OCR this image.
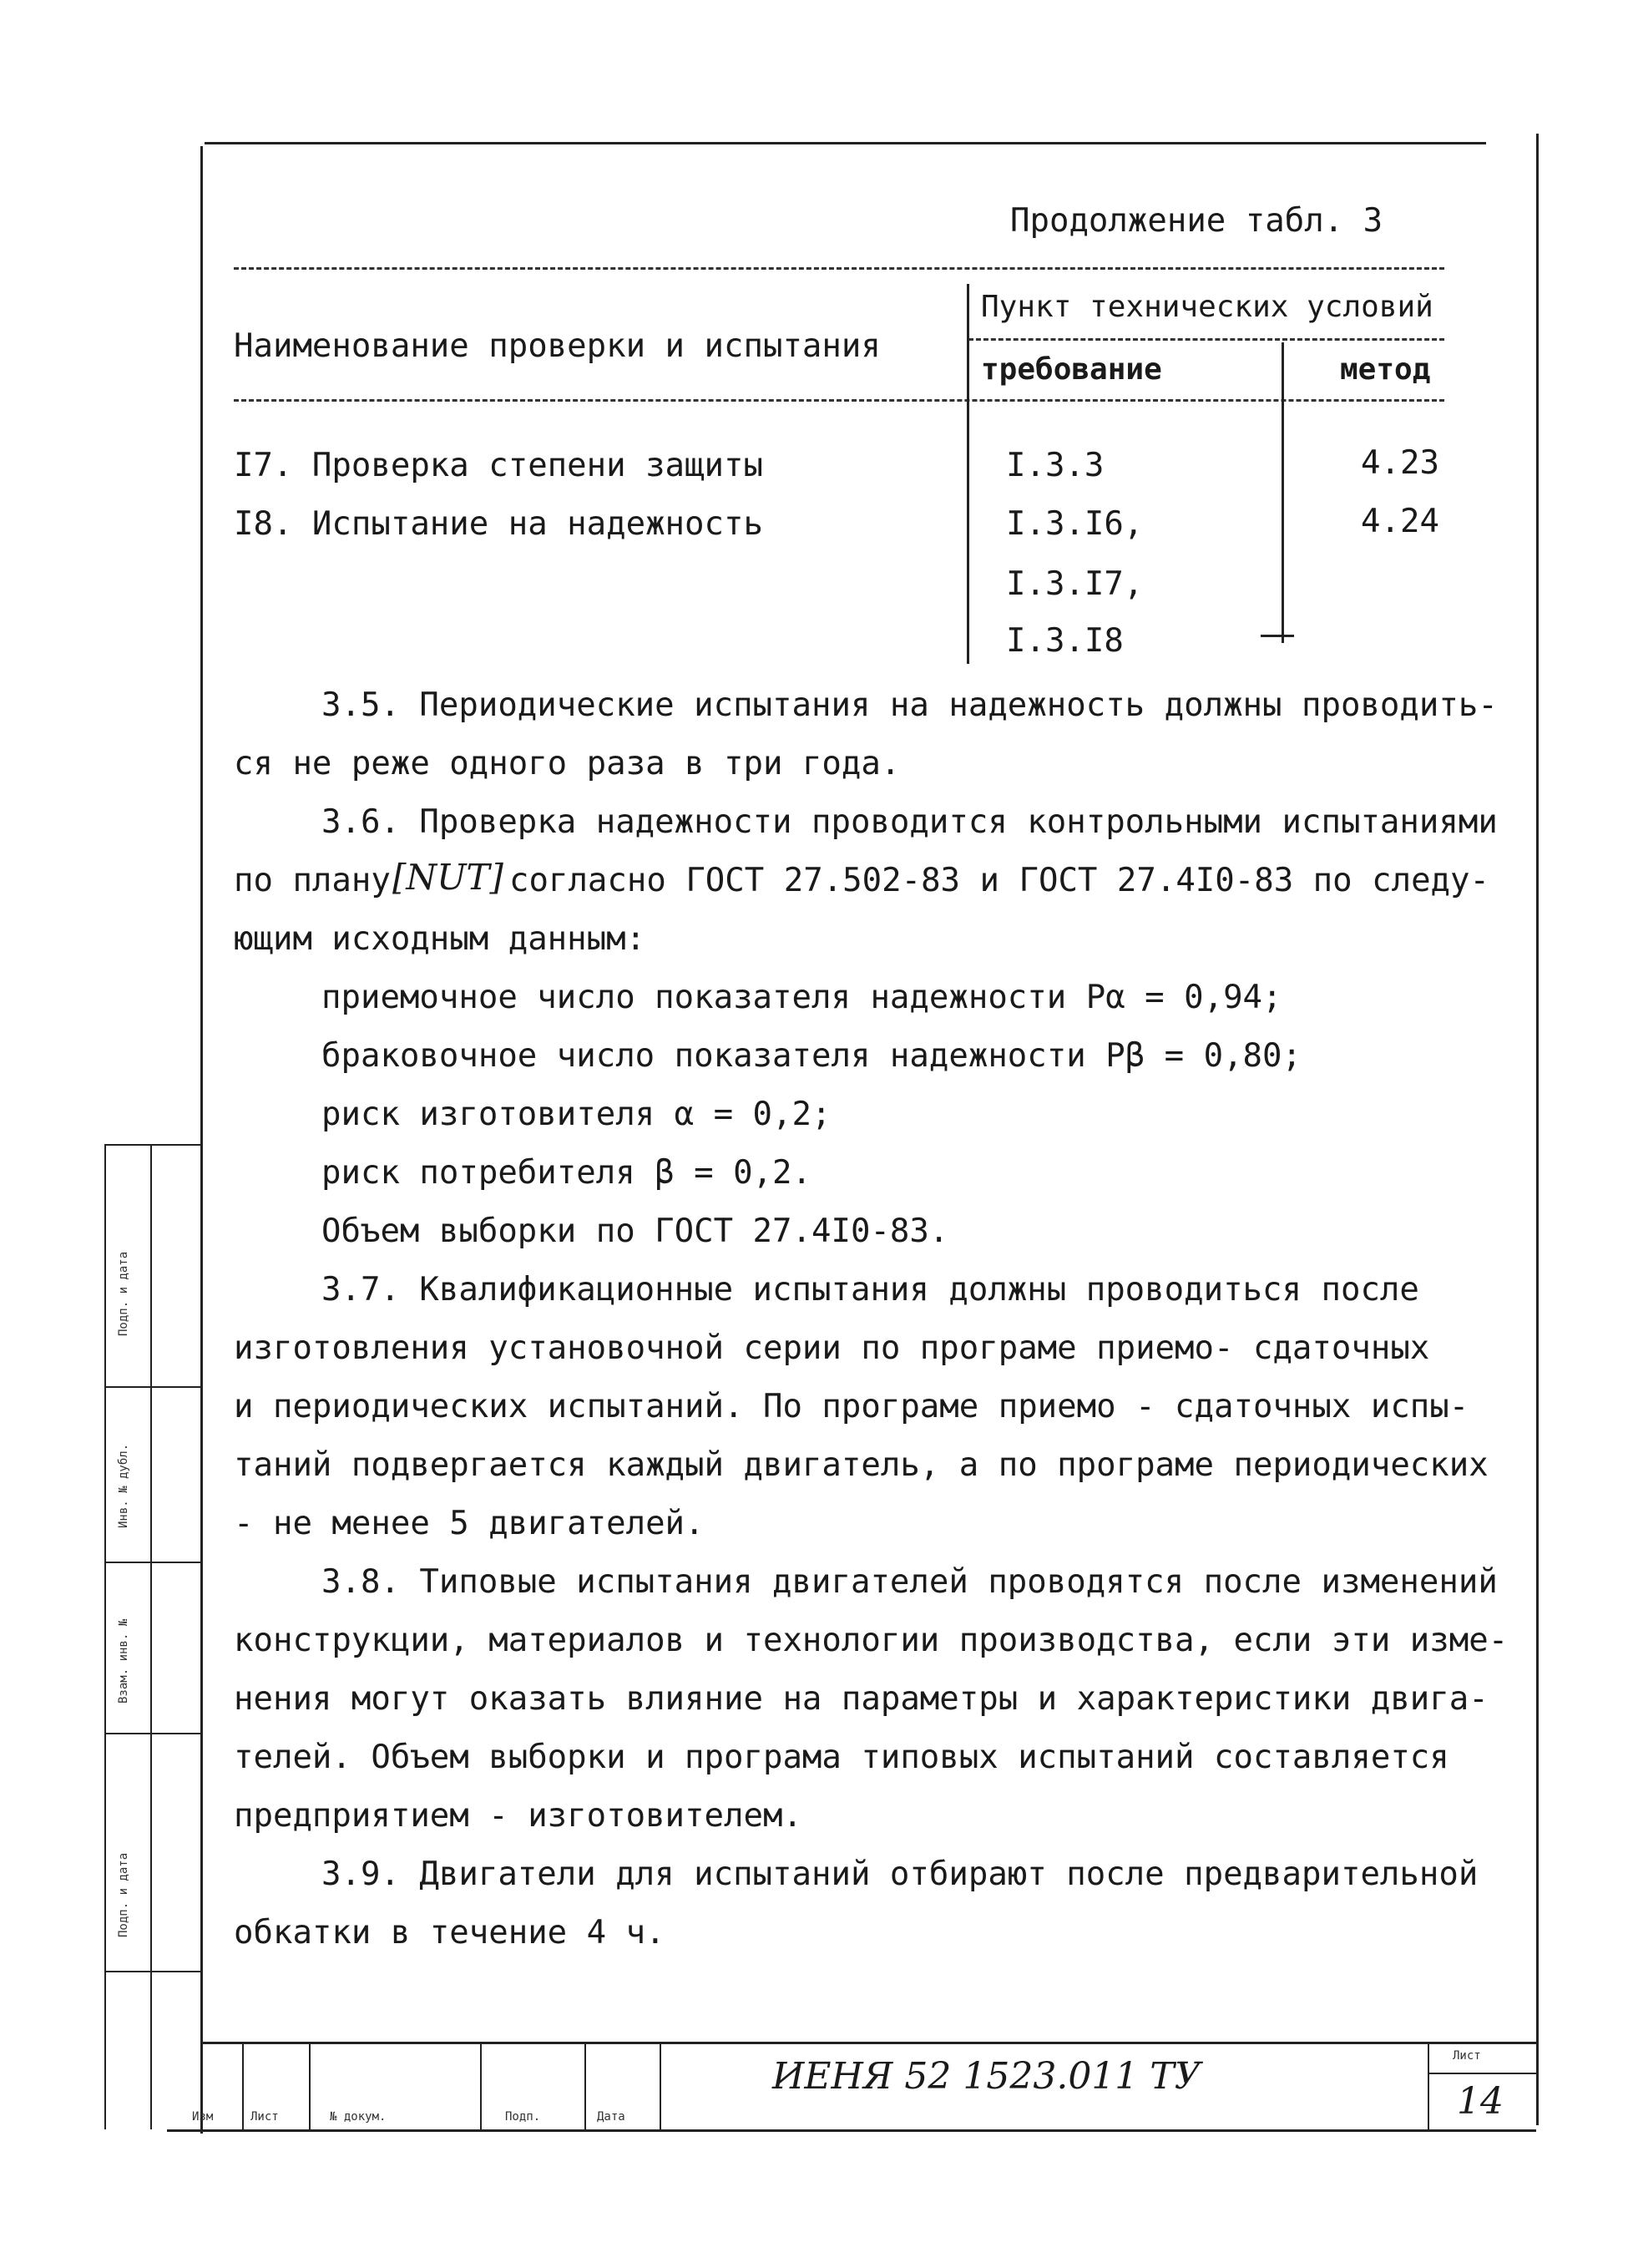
Продолжение табл. 3
Наименование проверки и испытания
Пункт технических условий
требование	метод
I7. Проверка степени защиты	I.3.3	4.23
I8. Испытание на надежность	I.3.I6,	4.24
I.3.I7,
I.3.I8
3.5. Периодические испытания на надежность должны проводить-
ся не реже одного раза в три года.
3.6. Проверка надежности проводится контрольными испытаниями
по плану [NUT] согласно ГОСТ 27.502-83 и ГОСТ 27.4I0-83 по следу-
ющим исходным данным:
приемочное число показателя надежности Pα = 0,94;
браковочное число показателя надежности Pβ = 0,80;
риск изготовителя α = 0,2;
риск потребителя β = 0,2.
Объем выборки по ГОСТ 27.4I0-83.
3.7. Квалификационные испытания должны проводиться после
изготовления установочной серии по програме приемо- сдаточных
и периодических испытаний. По програме приемо - сдаточных испы-
таний подвергается каждый двигатель, а по програме периодических
- не менее 5 двигателей.
3.8. Типовые испытания двигателей проводятся после изменений
конструкции, материалов и технологии производства, если эти изме-
нения могут оказать влияние на параметры и характеристики двига-
телей. Объем выборки и програма типовых испытаний составляется
предприятием - изготовителем.
3.9. Двигатели для испытаний отбирают после предварительной
обкатки в течение 4 ч.
Изм	Лист	№ докум.	Подп.	Дата
ИЕНЯ 52 1523.011 ТУ	Лист
14
Подп. и дата
Инв. № дубл.
Взам. инв. №
Подп. и дата
